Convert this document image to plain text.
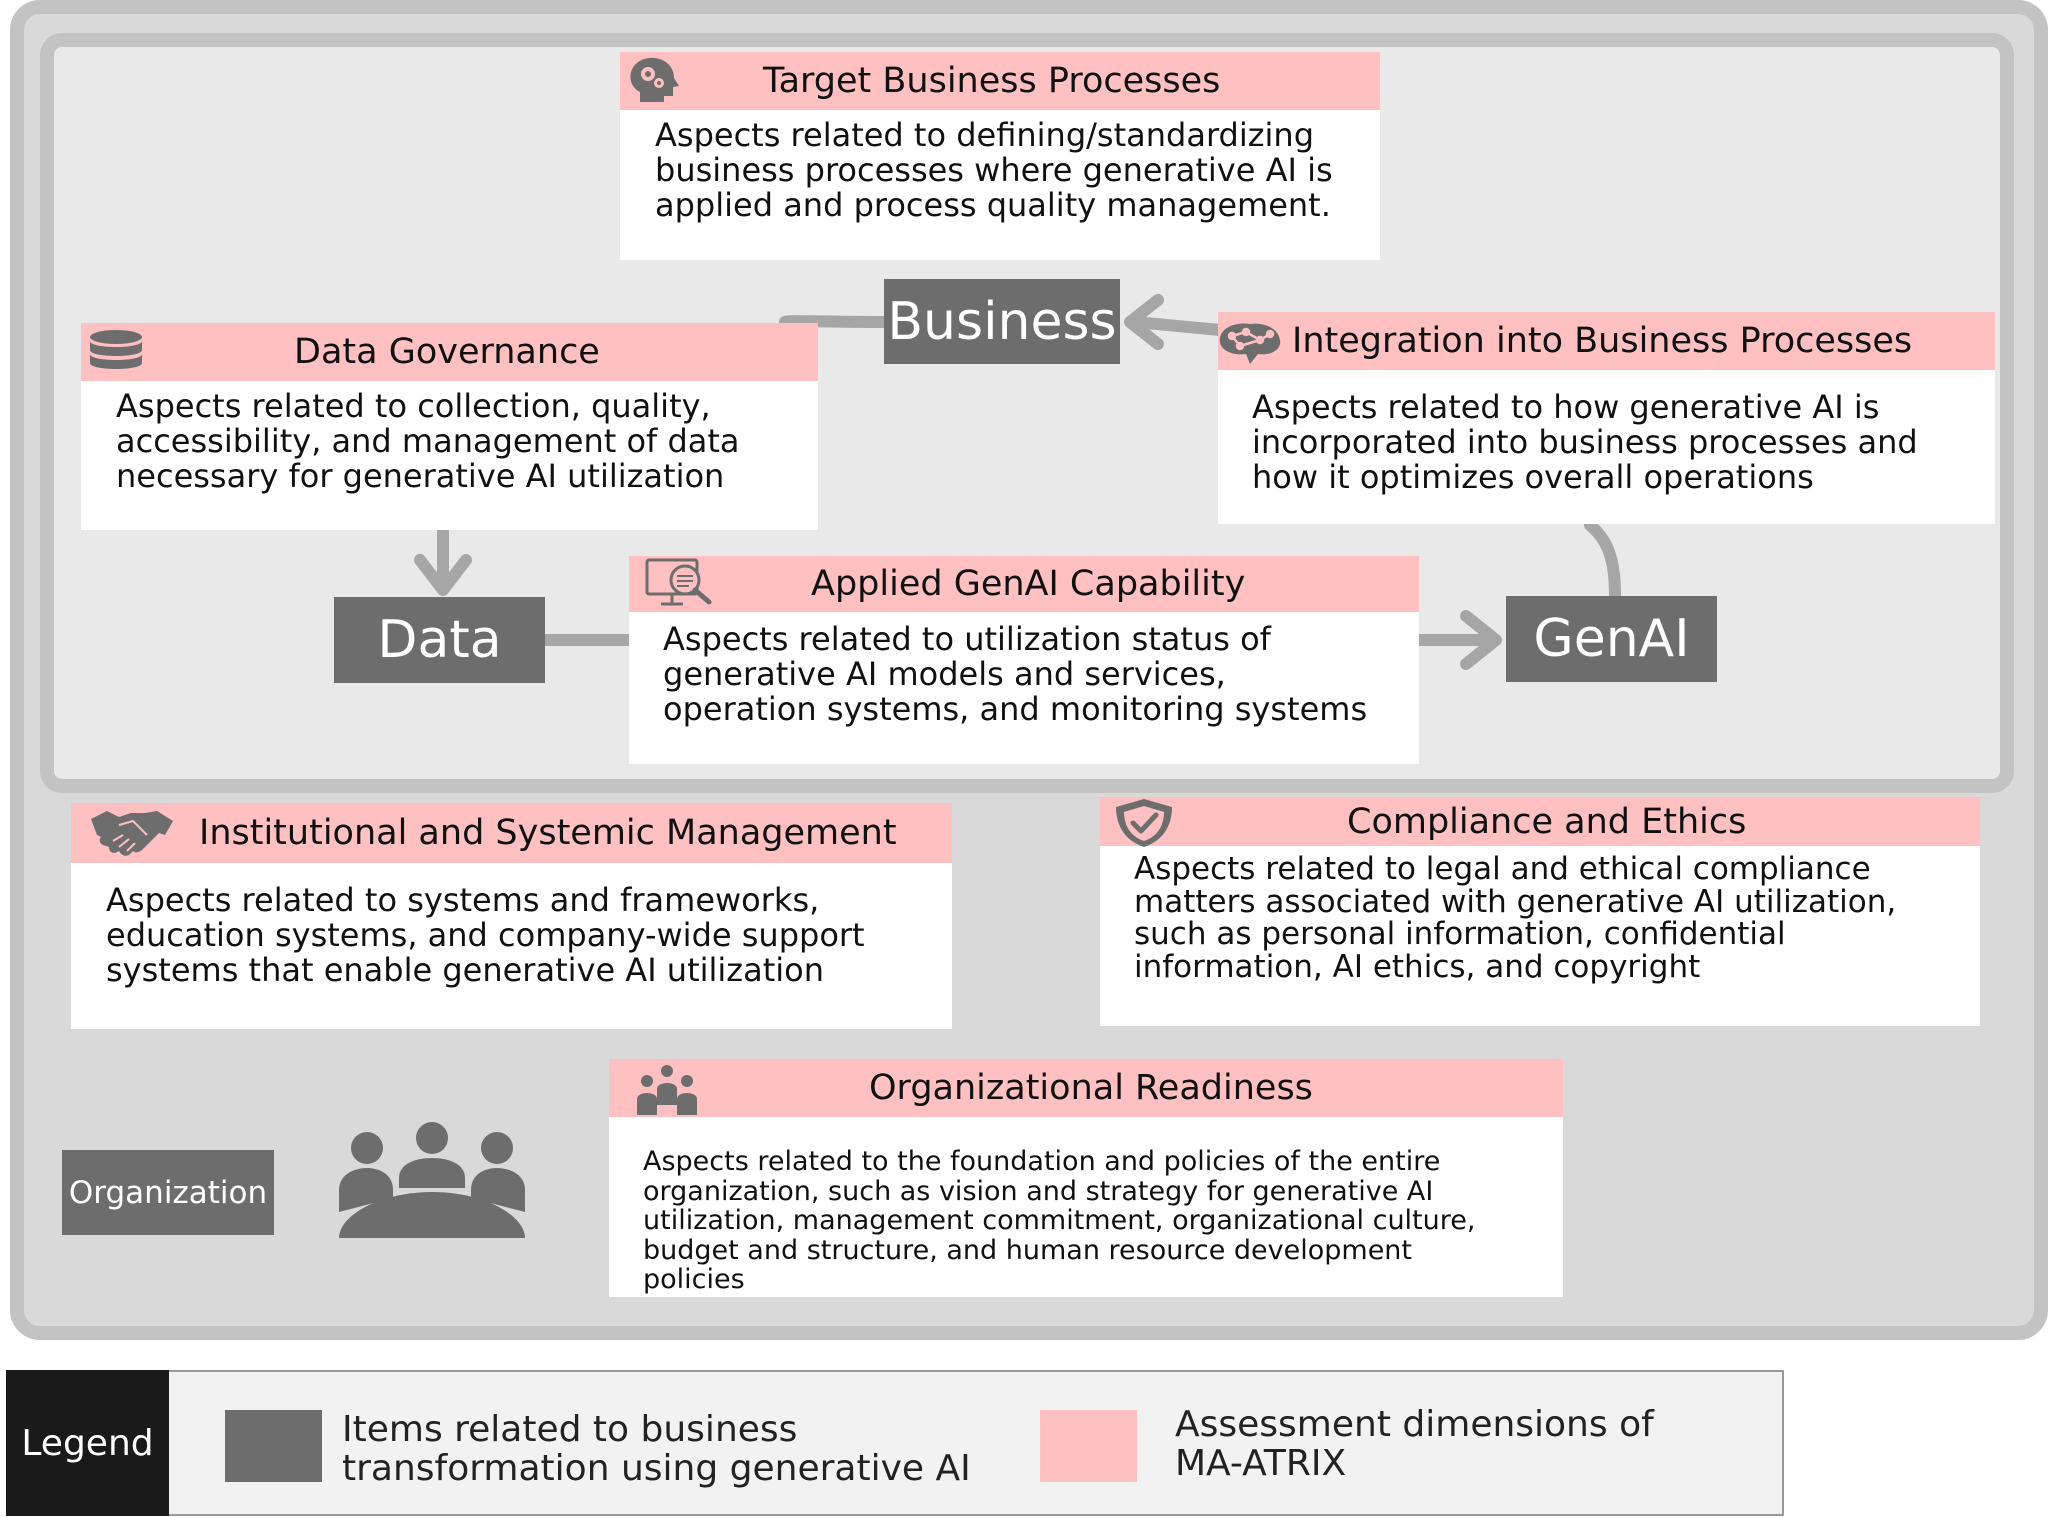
Target Business Processes
Aspects related to defining/standardizing
business processes where generative AI is
applied and process quality management.
Business
Data Governance
Aspects related to collection, quality,
accessibility, and management of data
necessary for generative AI utilization
Integration into Business Processes
Aspects related to how generative AI is
incorporated into business processes and
how it optimizes overall operations
Data
Applied GenAI Capability
Aspects related to utilization status of
generative AI models and services,
operation systems, and monitoring systems
GenAI
Institutional and Systemic Management
Aspects related to systems and frameworks,
education systems, and company-wide support
systems that enable generative AI utilization
Compliance and Ethics
Aspects related to legal and ethical compliance
matters associated with generative AI utilization,
such as personal information, confidential
information, AI ethics, and copyright
Organizational Readiness
Aspects related to the foundation and policies of the entire
organization, such as vision and strategy for generative AI
utilization, management commitment, organizational culture,
budget and structure, and human resource development
policies
Organization
Legend	Items related to business
transformation using generative AI
Assessment dimensions of
MA-ATRIX
